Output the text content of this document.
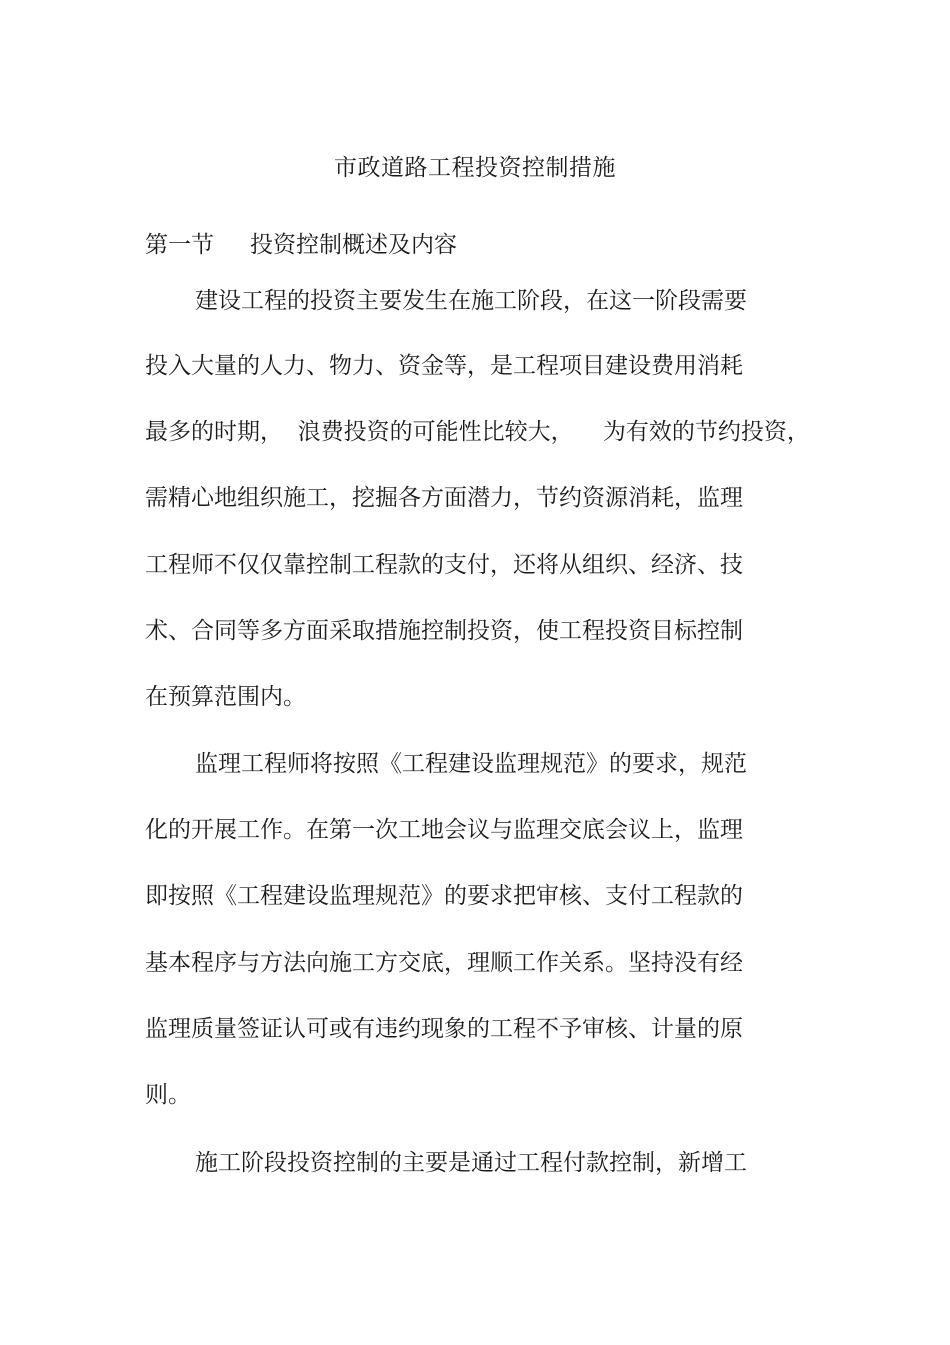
市政道路工程投资控制措施
第一节 投资控制概述及内容
建设工程的投资主要发生在施工阶段，在这一阶段需要
投入大量的人力、物力、资金等，是工程项目建设费用消耗
最多的时期，  浪费投资的可能性比较大，    为有效的节约投资，
需精心地组织施工，挖掘各方面潜力，节约资源消耗，监理
工程师不仅仅靠控制工程款的支付，还将从组织、经济、技
术、合同等多方面采取措施控制投资，使工程投资目标控制
在预算范围内。
监理工程师将按照《工程建设监理规范》的要求，规范
化的开展工作。在第一次工地会议与监理交底会议上，监理
即按照《工程建设监理规范》的要求把审核、支付工程款的
基本程序与方法向施工方交底，理顺工作关系。坚持没有经
监理质量签证认可或有违约现象的工程不予审核、计量的原
则。
施工阶段投资控制的主要是通过工程付款控制，新增工
